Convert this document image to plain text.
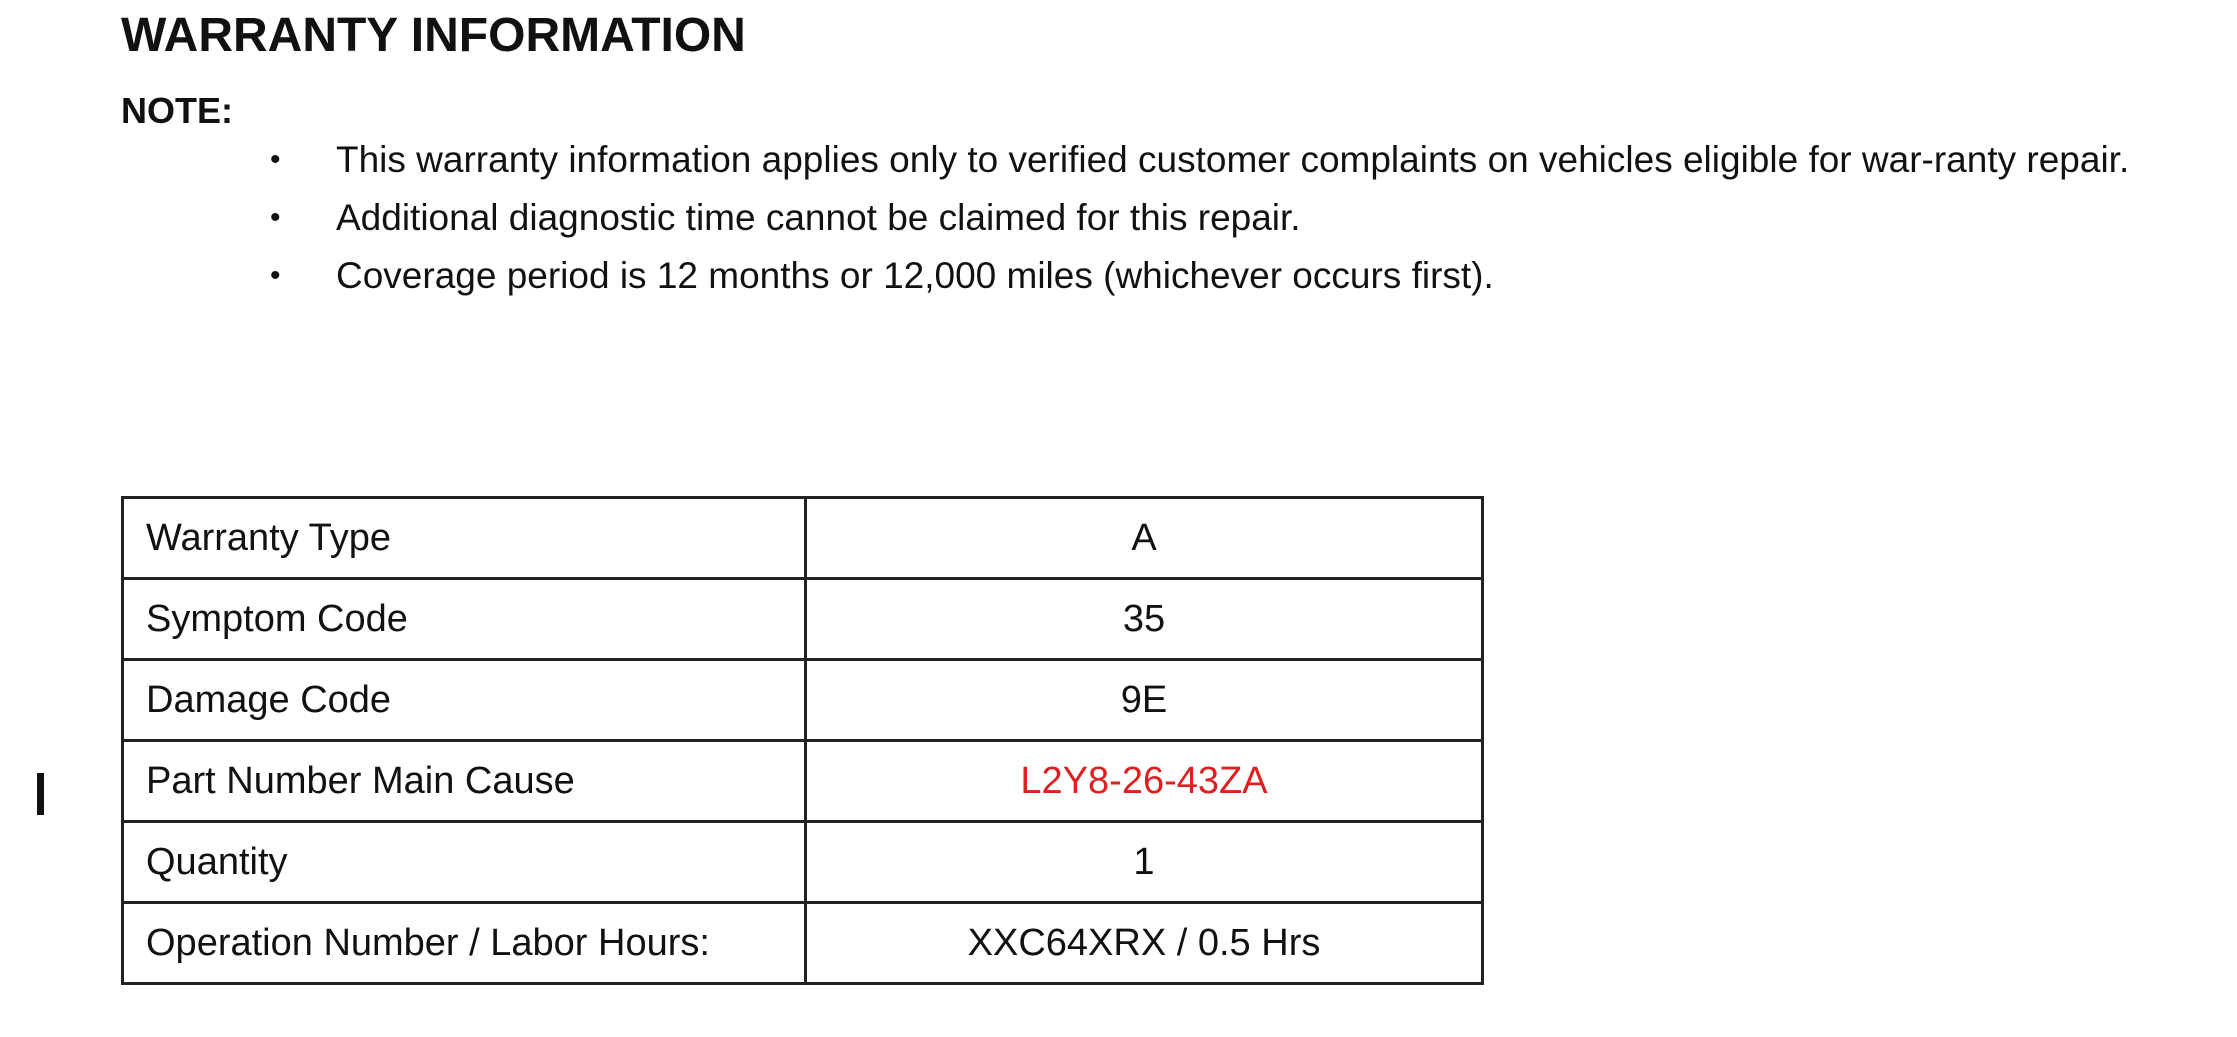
WARRANTY INFORMATION
NOTE:
• This warranty information applies only to verified customer complaints on vehicles eligible for war-ranty repair.
• Additional diagnostic time cannot be claimed for this repair.
• Coverage period is 12 months or 12,000 miles (whichever occurs first).
Warranty Type	A
Symptom Code	35
Damage Code	9E
Part Number Main Cause	L2Y8-26-43ZA
Quantity	1
Operation Number / Labor Hours:	XXC64XRX / 0.5 Hrs
